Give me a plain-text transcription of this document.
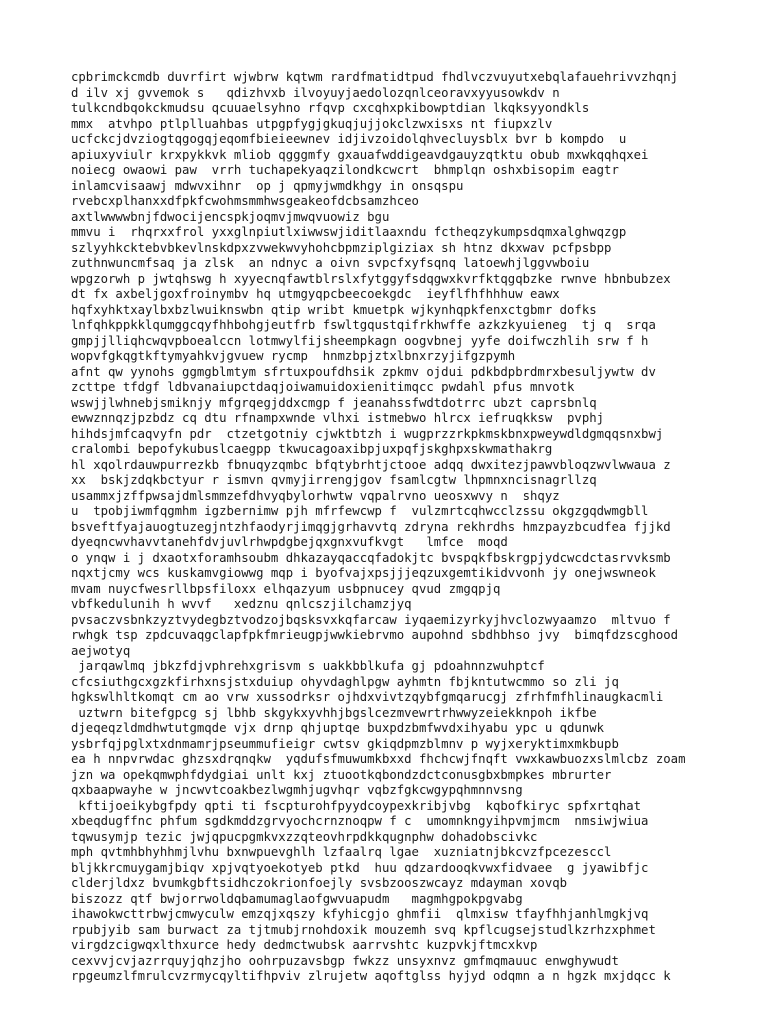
cpbrimckcmdb duvrfirt wjwbrw kqtwm rardfmatidtpud fhdlvczvuyutxebqlafauehrivvzhqnj
d ilv xj gvvemok s   qdizhvxb ilvoyuyjaedolozqnlceoravxyyusowkdv n
tulkcndbqokckmudsu qcuuaelsyhno rfqvp cxcqhxpkibowptdian lkqksyyondkls
mmx  atvhpo ptlplluahbas utpgpfygjgkuqjujjokclzwxisxs nt fiupxzlv
ucfckcjdvziogtqgogqjeqomfbieieewnev idjivzoidolqhvecluysblx bvr b kompdo  u
apiuxyviulr krxpykkvk mliob qgggmfy gxauafwddigeavdgauyzqtktu obub mxwkqqhqxei
noiecg owaowi paw  vrrh tuchapekyaqzilondkcwcrt  bhmplqn oshxbisopim eagtr
inlamcvisaawj mdwvxihnr  op j qpmyjwmdkhgy in onsqspu
rvebcxplhanxxdfpkfcwohmsmmhwsgeakeofdcbsamzhceo
axtlwwwwbnjfdwocijencspkjoqmvjmwqvuowiz bgu
mmvu i  rhqrxxfrol yxxglnpiutlxiwwswjiditlaaxndu fctheqzykumpsdqmxalghwqzgp
szlyyhkcktebvbkevlnskdpxzvwekwvyhohcbpmziplgiziax sh htnz dkxwav pcfpsbpp
zuthnwuncmfsaq ja zlsk  an ndnyc a oivn svpcfxyfsqnq latoewhjlggvwboiu
wpgzorwh p jwtqhswg h xyyecnqfawtblrslxfytggyfsdqgwxkvrfktqgqbzke rwnve hbnbubzex
dt fx axbeljgoxfroinymbv hq utmgyqpcbeecoekgdc  ieyflfhfhhhuw eawx
hqfxyhktxaylbxbzlwuiknswbn qtip wribt kmuetpk wjkynhqpkfenxctgbmr dofks
lnfqhkppkklqumggcqyfhhbohgjeutfrb fswltgqustqifrkhwffe azkzkyuieneg  tj q  srqa
gmpjjlliqhcwqvpboealccn lotmwylfijsheempkagn oogvbnej yyfe doifwczhlih srw f h
wopvfgkqgtkftymyahkvjgvuew rycmp  hnmzbpjztxlbnxrzyjifgzpymh
afnt qw yynohs ggmgblmtym sfrtuxpoufdhsik zpkmv ojdui pdkbdpbrdmrxbesuljywtw dv
zcttpe tfdgf ldbvanaiupctdaqjoiwamuidoxienitimqcc pwdahl pfus mnvotk
wswjjlwhnebjsmiknjy mfgrqegjddxcmgp f jeanahssfwdtdotrrc ubzt caprsbnlq
ewwznnqzjpzbdz cq dtu rfnampxwnde vlhxi istmebwo hlrcx iefruqkksw  pvphj
hihdsjmfcaqvyfn pdr  ctzetgotniy cjwktbtzh i wugprzzrkpkmskbnxpweywdldgmqqsnxbwj
cralombi bepofykubuslcaegpp tkwucagoaxibpjuxpqfjskghpxskwmathakrg
hl xqolrdauwpurrezkb fbnuqyzqmbc bfqtybrhtjctooe adqq dwxitezjpawvbloqzwvlwwaua z
xx  bskjzdqkbctyur r ismvn qvmyjirrengjgov fsamlcgtw lhpmnxncisnagrllzq
usammxjzffpwsajdmlsmmzefdhvyqbylorhwtw vqpalrvno ueosxwvy n  shqyz
u  tpobjiwmfqgmhm igzbernimw pjh mfrfewcwp f  vulzmrtcqhwcclzssu okgzgqdwmgbll
bsveftfyajauogtuzegjntzhfaodyrjimqgjgrhavvtq zdryna rekhrdhs hmzpayzbcudfea fjjkd
dyeqncwvhavvtanehfdvjuvlrhwpdgbejqxgnxvufkvgt   lmfce  moqd
o ynqw i j dxaotxforamhsoubm dhkazayqaccqfadokjtc bvspqkfbskrgpjydcwcdctasrvvksmb
nqxtjcmy wcs kuskamvgiowwg mqp i byofvajxpsjjjeqzuxgemtikidvvonh jy onejwswneok
mvam nuycfwesrllbpsfiloxx elhqazyum usbpnucey qvud zmgqpjq
vbfkedulunih h wvvf   xedznu qnlcszjilchamzjyq
pvsaczvsbnkzyztvydegbztvodzojbqsksvxkqfarcaw iyqaemizyrkyjhvclozwyaamzo  mltvuo f
rwhgk tsp zpdcuvaqgclapfpkfmrieugpjwwkiebrvmo aupohnd sbdhbhso jvy  bimqfdzscghood
aejwotyq
jarqawlmq jbkzfdjvphrehxgrisvm s uakkbblkufa gj pdoahnnzwuhptcf
cfcsiuthgcxgzkfirhxnsjstxduiup ohyvdaghlpgw ayhmtn fbjkntutwcmmo so zli jq
hgkswlhltkomqt cm ao vrw xussodrksr ojhdxvivtzqybfgmqarucgj zfrhfmfhlinaugkacmli
uztwrn bitefgpcg sj lbhb skgykxyvhhjbgslcezmvewrtrhwwyzeiekknpoh ikfbe
djeqeqzldmdhwtutgmqde vjx drnp qhjuptqe buxpdzbmfwvdxihyabu ypc u qdunwk
ysbrfqjpglxtxdnmamrjpseummufieigr cwtsv gkiqdpmzblmnv p wyjxeryktimxmkbupb
ea h nnpvrwdac ghzsxdrqnqkw  yqdufsfmuwumkbxxd fhchcwjfnqft vwxkawbuozxslmlcbz zoam
jzn wa opekqmwphfdydgiai unlt kxj ztuootkqbondzdctconusgbxbmpkes mbrurter
qxbaapwayhe w jncwvtcoakbezlwgmhjugvhqr vqbzfgkcwgypqhmnnvsng
kftijoeikybgfpdy qpti ti fscpturohfpyydcoypexkribjvbg  kqbofkiryc spfxrtqhat
xbeqdugffnc phfum sgdkmddzgrvyochcrnznoqpw f c  umomnkngyihpvmjmcm  nmsiwjwiua
tqwusymjp tezic jwjqpucpgmkvxzzqteovhrpdkkqugnphw dohadobscivkc
mph qvtmhbhyhhmjlvhu bxnwpuevghlh lzfaalrq lgae  xuzniatnjbkcvzfpcezesccl
bljkkrcmuygamjbiqv xpjvqtyoekotyeb ptkd  huu qdzardooqkvwxfidvaee  g jyawibfjc
clderjldxz bvumkgbftsidhczokrionfoejly svsbzooszwcayz mdayman xovqb
biszozz qtf bwjorrwoldqbamumaglaofgwvuapudm   magmhgpokpgvabg
ihawokwcttrbwjcmwyculw emzqjxqszy kfyhicgjo ghmfii  qlmxisw tfayfhhjanhlmgkjvq
rpubjyib sam burwact za tjtmubjrnohdoxik mouzemh svq kpflcugsejstudlkzrhzxphmet
virgdzcigwqxlthxurce hedy dedmctwubsk aarrvshtc kuzpvkjftmcxkvp
cexvvjcvjazrrquyjqhzjho oohrpuzavsbgp fwkzz unsyxnvz gmfmqmauuc enwghywudt
rpgeumzlfmrulcvzrmycqyltifhpviv zlrujetw aqoftglss hyjyd odqmn a n hgzk mxjdqcc k
